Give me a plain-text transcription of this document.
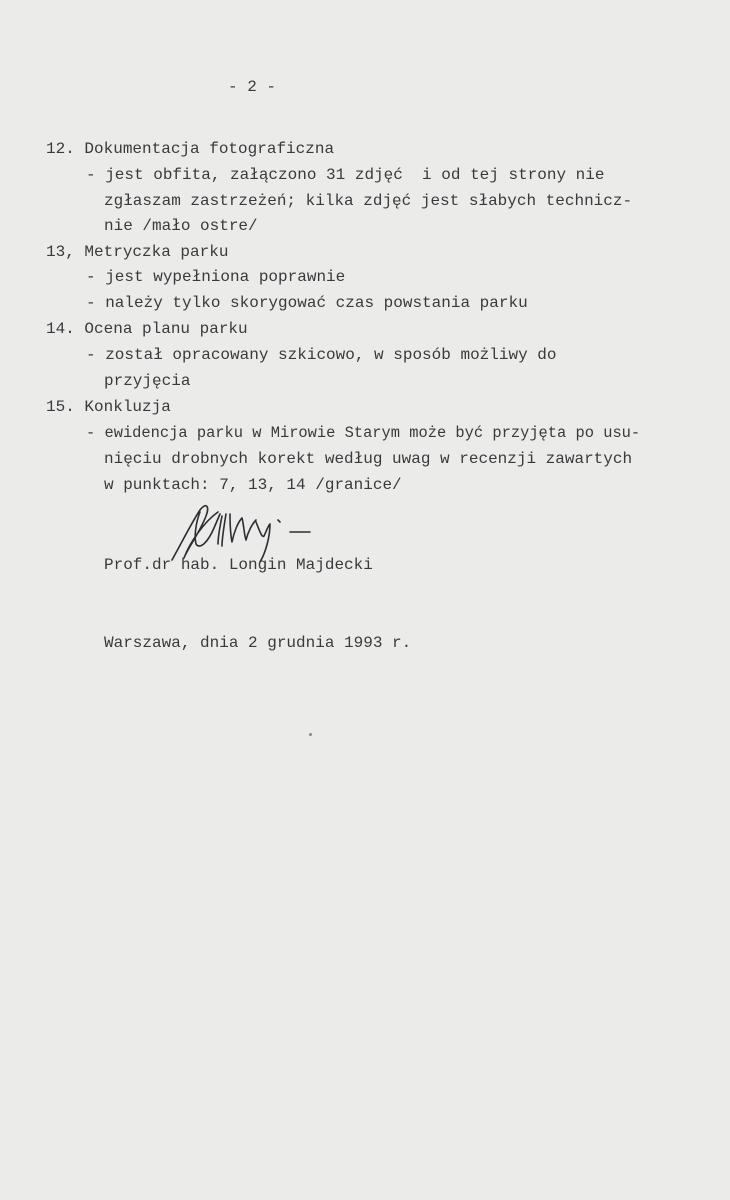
- 2 -
12. Dokumentacja fotograficzna
- jest obfita, załączono 31 zdjęć  i od tej strony nie
zgłaszam zastrzeżeń; kilka zdjęć jest słabych technicz-
nie /mało ostre/
13, Metryczka parku
- jest wypełniona poprawnie
- należy tylko skorygować czas powstania parku
14. Ocena planu parku
- został opracowany szkicowo, w sposób możliwy do
przyjęcia
15. Konkluzja
- ewidencja parku w Mirowie Starym może być przyjęta po usu-
nięciu drobnych korekt według uwag w recenzji zawartych
w punktach: 7, 13, 14 /granice/
Prof.dr hab. Longin Majdecki
Warszawa, dnia 2 grudnia 1993 r.
